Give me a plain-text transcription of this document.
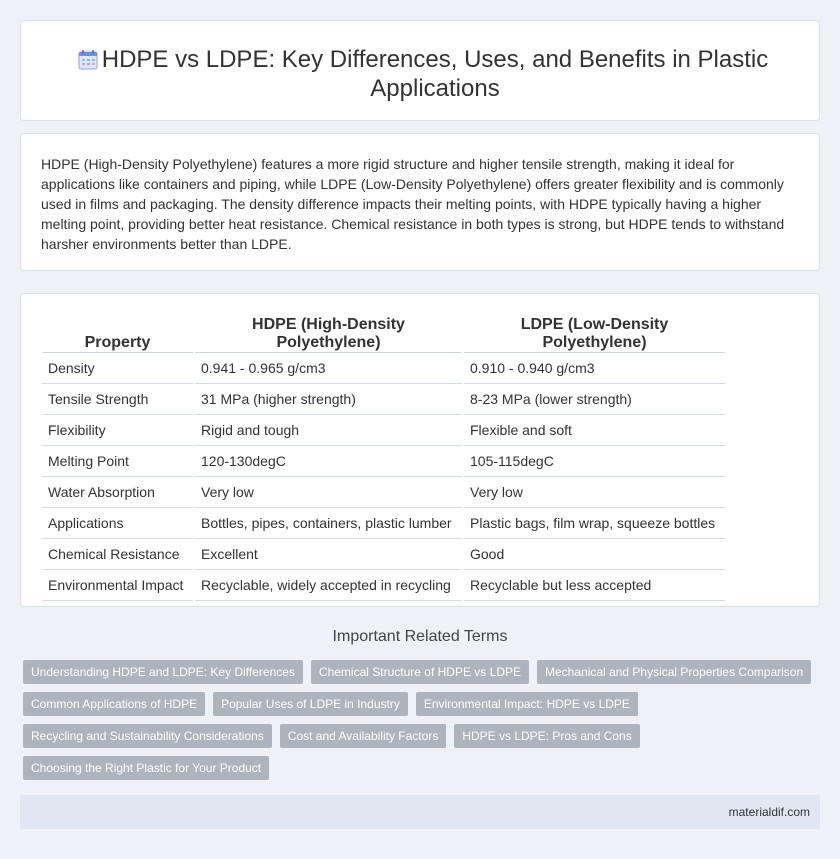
HDPE vs LDPE: Key Differences, Uses, and Benefits in Plastic Applications

HDPE (High-Density Polyethylene) features a more rigid structure and higher tensile strength, making it ideal for applications like containers and piping, while LDPE (Low-Density Polyethylene) offers greater flexibility and is commonly used in films and packaging. The density difference impacts their melting points, with HDPE typically having a higher melting point, providing better heat resistance. Chemical resistance in both types is strong, but HDPE tends to withstand harsher environments better than LDPE.

Property	HDPE (High-Density Polyethylene)	LDPE (Low-Density Polyethylene)
Density	0.941 - 0.965 g/cm3	0.910 - 0.940 g/cm3
Tensile Strength	31 MPa (higher strength)	8-23 MPa (lower strength)
Flexibility	Rigid and tough	Flexible and soft
Melting Point	120-130degC	105-115degC
Water Absorption	Very low	Very low
Applications	Bottles, pipes, containers, plastic lumber	Plastic bags, film wrap, squeeze bottles
Chemical Resistance	Excellent	Good
Environmental Impact	Recyclable, widely accepted in recycling	Recyclable but less accepted
Important Related Terms
Understanding HDPE and LDPE: Key Differences	Chemical Structure of HDPE vs LDPE	Mechanical and Physical Properties Comparison
Common Applications of HDPE	Popular Uses of LDPE in Industry	Environmental Impact: HDPE vs LDPE
Recycling and Sustainability Considerations	Cost and Availability Factors	HDPE vs LDPE: Pros and Cons
Choosing the Right Plastic for Your Product
materialdif.com
